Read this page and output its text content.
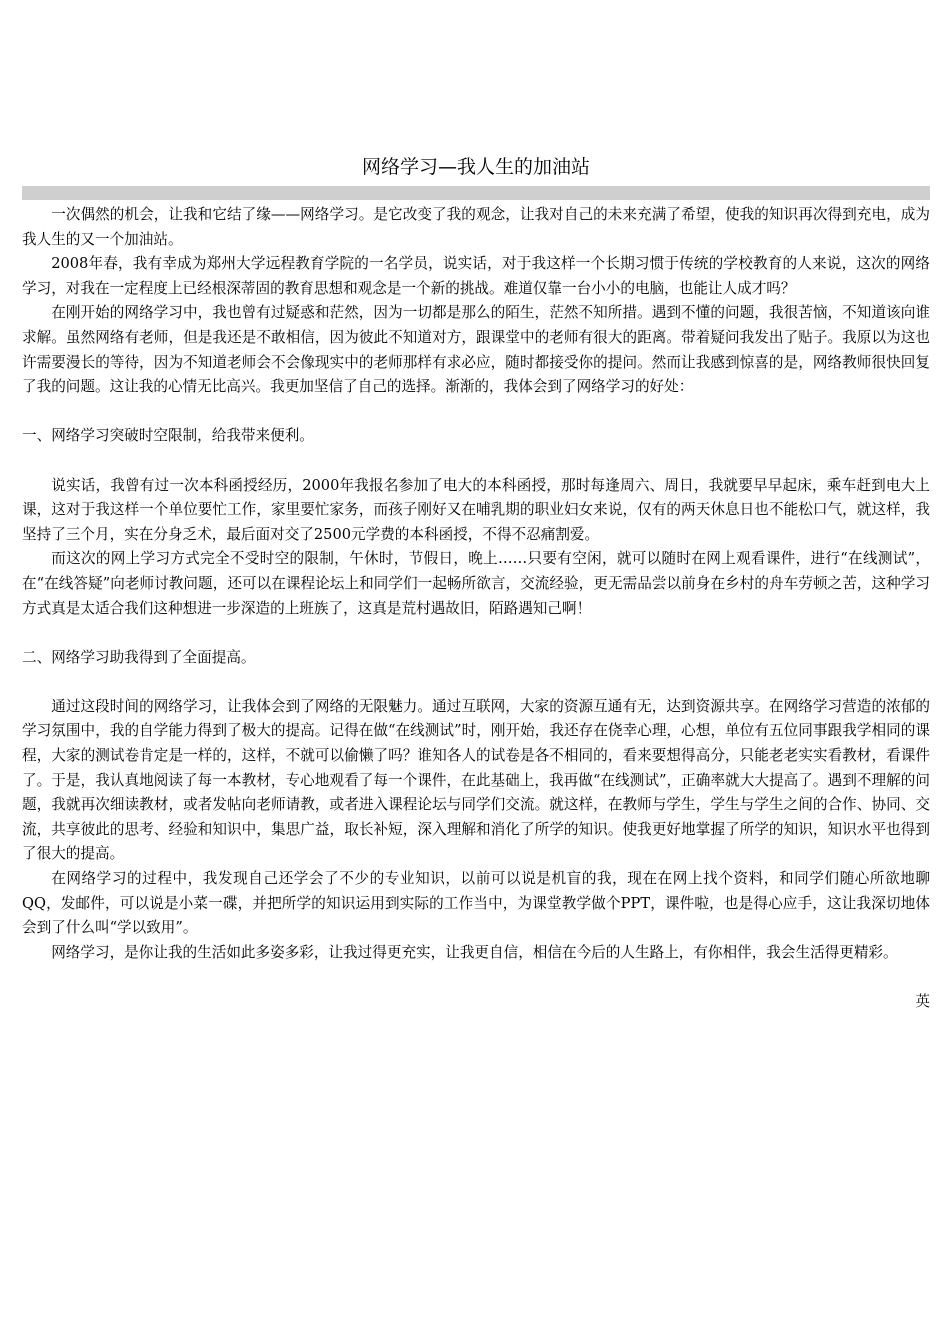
网络学习—我人生的加油站

一次偶然的机会，让我和它结了缘——网络学习。是它改变了我的观念，让我对自己的未来充满了希望，使我的知识再次得到充电，成为我人生的又一个加油站。

2008年春，我有幸成为郑州大学远程教育学院的一名学员，说实话，对于我这样一个长期习惯于传统的学校教育的人来说，这次的网络学习，对我在一定程度上已经根深蒂固的教育思想和观念是一个新的挑战。难道仅靠一台小小的电脑，也能让人成才吗？

在刚开始的网络学习中，我也曾有过疑惑和茫然，因为一切都是那么的陌生，茫然不知所措。遇到不懂的问题，我很苦恼，不知道该向谁求解。虽然网络有老师，但是我还是不敢相信，因为彼此不知道对方，跟课堂中的老师有很大的距离。带着疑问我发出了贴子。我原以为这也许需要漫长的等待，因为不知道老师会不会像现实中的老师那样有求必应，随时都接受你的提问。然而让我感到惊喜的是，网络教师很快回复了我的问题。这让我的心情无比高兴。我更加坚信了自己的选择。渐渐的，我体会到了网络学习的好处：

一、网络学习突破时空限制，给我带来便利。

说实话，我曾有过一次本科函授经历，2000年我报名参加了电大的本科函授，那时每逢周六、周日，我就要早早起床，乘车赶到电大上课，这对于我这样一个单位要忙工作，家里要忙家务，而孩子刚好又在哺乳期的职业妇女来说，仅有的两天休息日也不能松口气，就这样，我坚持了三个月，实在分身乏术，最后面对交了2500元学费的本科函授，不得不忍痛割爱。

而这次的网上学习方式完全不受时空的限制，午休时，节假日，晚上……只要有空闲，就可以随时在网上观看课件，进行“在线测试”，在“在线答疑”向老师讨教问题，还可以在课程论坛上和同学们一起畅所欲言，交流经验，更无需品尝以前身在乡村的舟车劳顿之苦，这种学习方式真是太适合我们这种想进一步深造的上班族了，这真是荒村遇故旧，陌路遇知己啊！

二、网络学习助我得到了全面提高。

通过这段时间的网络学习，让我体会到了网络的无限魅力。通过互联网，大家的资源互通有无，达到资源共享。在网络学习营造的浓郁的学习氛围中，我的自学能力得到了极大的提高。记得在做“在线测试”时，刚开始，我还存在侥幸心理，心想，单位有五位同事跟我学相同的课程，大家的测试卷肯定是一样的，这样，不就可以偷懒了吗？谁知各人的试卷是各不相同的，看来要想得高分，只能老老实实看教材，看课件了。于是，我认真地阅读了每一本教材，专心地观看了每一个课件，在此基础上，我再做“在线测试”，正确率就大大提高了。遇到不理解的问题，我就再次细读教材，或者发帖向老师请教，或者进入课程论坛与同学们交流。就这样，在教师与学生，学生与学生之间的合作、协同、交流，共享彼此的思考、经验和知识中，集思广益，取长补短，深入理解和消化了所学的知识。使我更好地掌握了所学的知识，知识水平也得到了很大的提高。

在网络学习的过程中，我发现自己还学会了不少的专业知识，以前可以说是机盲的我，现在在网上找个资料，和同学们随心所欲地聊QQ，发邮件，可以说是小菜一碟，并把所学的知识运用到实际的工作当中，为课堂教学做个PPT，课件啦，也是得心应手，这让我深切地体会到了什么叫“学以致用”。

网络学习，是你让我的生活如此多姿多彩，让我过得更充实，让我更自信，相信在今后的人生路上，有你相伴，我会生活得更精彩。

英
